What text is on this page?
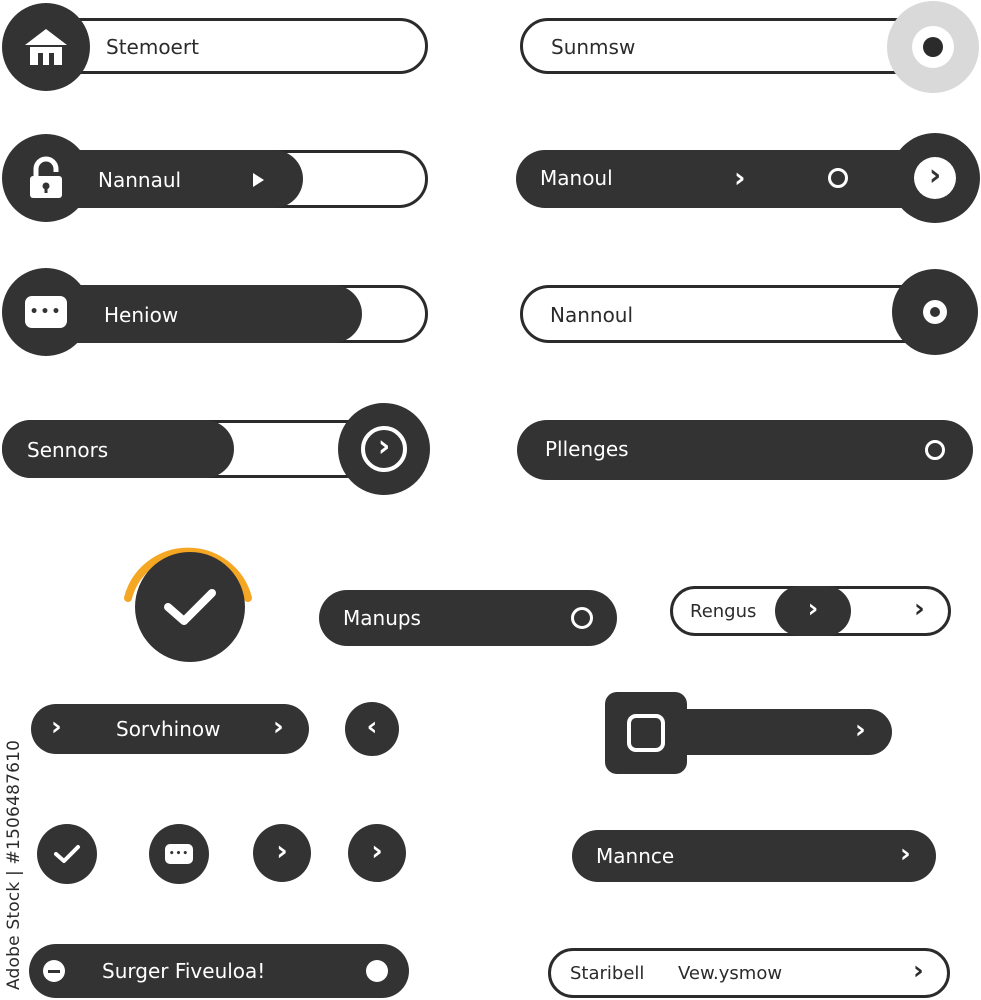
Stemoert	Sunmsw
Nannaul	Manoul	›	›
Heniow
•••	Nannoul
Sennors	›	Pllenges
Manups	Rengus ›	›
›	Sorvhinow ›	‹	›
•••	›	›	Mannce	›
Surger Fiveuloa!	Staribell Vew.ysmow	›
Adobe Stock | #1506487610
